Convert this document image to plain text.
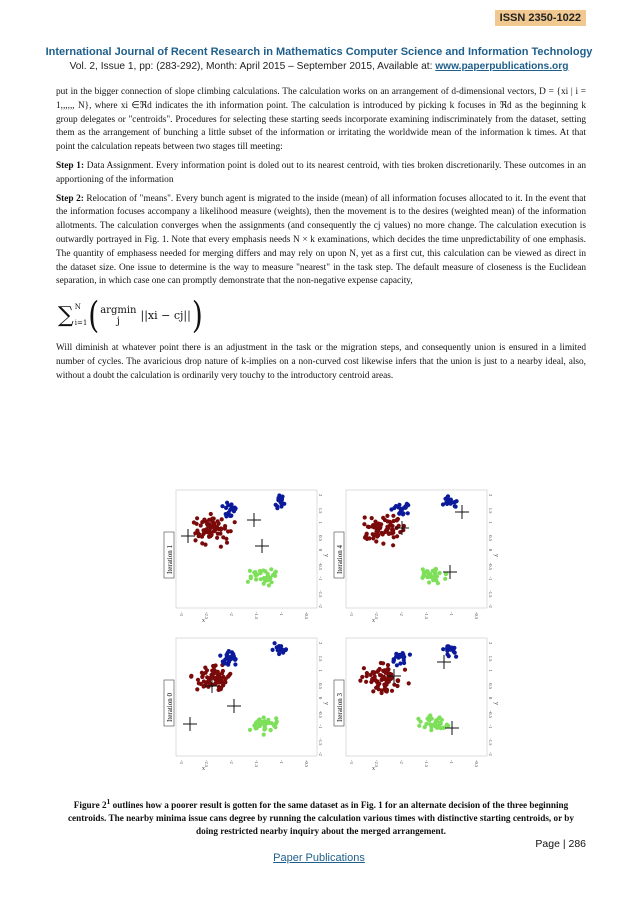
ISSN 2350-1022
International Journal of Recent Research in Mathematics Computer Science and Information Technology
Vol. 2, Issue 1, pp: (283-292), Month: April 2015 – September 2015, Available at: www.paperpublications.org

put in the bigger connection of slope climbing calculations. The calculation works on an arrangement of d-dimensional vectors, D = {xi | i = 1,,,,,, N}, where xi ∈ℜd indicates the ith information point. The calculation is introduced by picking k focuses in ℜd as the beginning k group delegates or "centroids". Procedures for selecting these starting seeds incorporate examining indiscriminately from the dataset, setting them as the arrangement of bunching a little subset of the information or irritating the worldwide mean of the information k times. At that point the calculation repeats between two stages till meeting:

Step 1: Data Assignment. Every information point is doled out to its nearest centroid, with ties broken discretionarily. These outcomes in an apportioning of the information

Step 2: Relocation of "means". Every bunch agent is migrated to the inside (mean) of all information focuses allocated to it. In the event that the information focuses accompany a likelihood measure (weights), then the movement is to the desires (weighted mean) of the information allotments. The calculation converges when the assignments (and consequently the cj values) no more change. The calculation execution is outwardly portrayed in Fig. 1. Note that every emphasis needs N × k examinations, which decides the time unpredictability of one emphasis. The quantity of emphasess needed for merging differs and may rely on upon N, yet as a first cut, this calculation can be viewed as direct in the dataset size. One issue to determine is the way to measure "nearest" in the task step. The default measure of closeness is the Euclidean separation, in which case one can promptly demonstrate that the non-negative expense capacity,

∑ N
i=1 ( argmin
j ||xi − cj|| )

Will diminish at whatever point there is an adjustment in the task or the migration steps, and consequently union is ensured in a limited number of cycles. The avaricious drop nature of k-implies on a non-curved cost likewise infers that the union is just to a nearby ideal, also, without a doubt the calculation is ordinarily very touchy to the introductory centroid areas.

Iteration 1
2
1.5
1
0.5
0
-0.5
-1
-1.5
-2
y
-3	-2.5	-2	-1.5	-1	-0.5
x
Iteration 4
2
1.5
1
0.5
0
-0.5
-1
-1.5
-2
y
-3	-2.5	-2	-1.5	-1	-0.5
x
Iteration 0
2
1.5
1
0.5
0
-0.5
-1
-1.5
-2
y
-3	-2.5	-2	-1.5	-1	-0.5
x
Iteration 3
2
1.5
1
0.5
0
-0.5
-1
-1.5
-2
y
-3	-2.5	-2	-1.5	-1	-0.5
x
Figure $2^1$ outlines how a poorer result is gotten for the same dataset as in Fig. 1 for an alternate decision of the three beginning centroids. The nearby minima issue cans degree by running the calculation various times with distinctive starting centroids, or by doing restricted nearby inquiry about the merged arrangement.
Page | 286
Paper Publications
